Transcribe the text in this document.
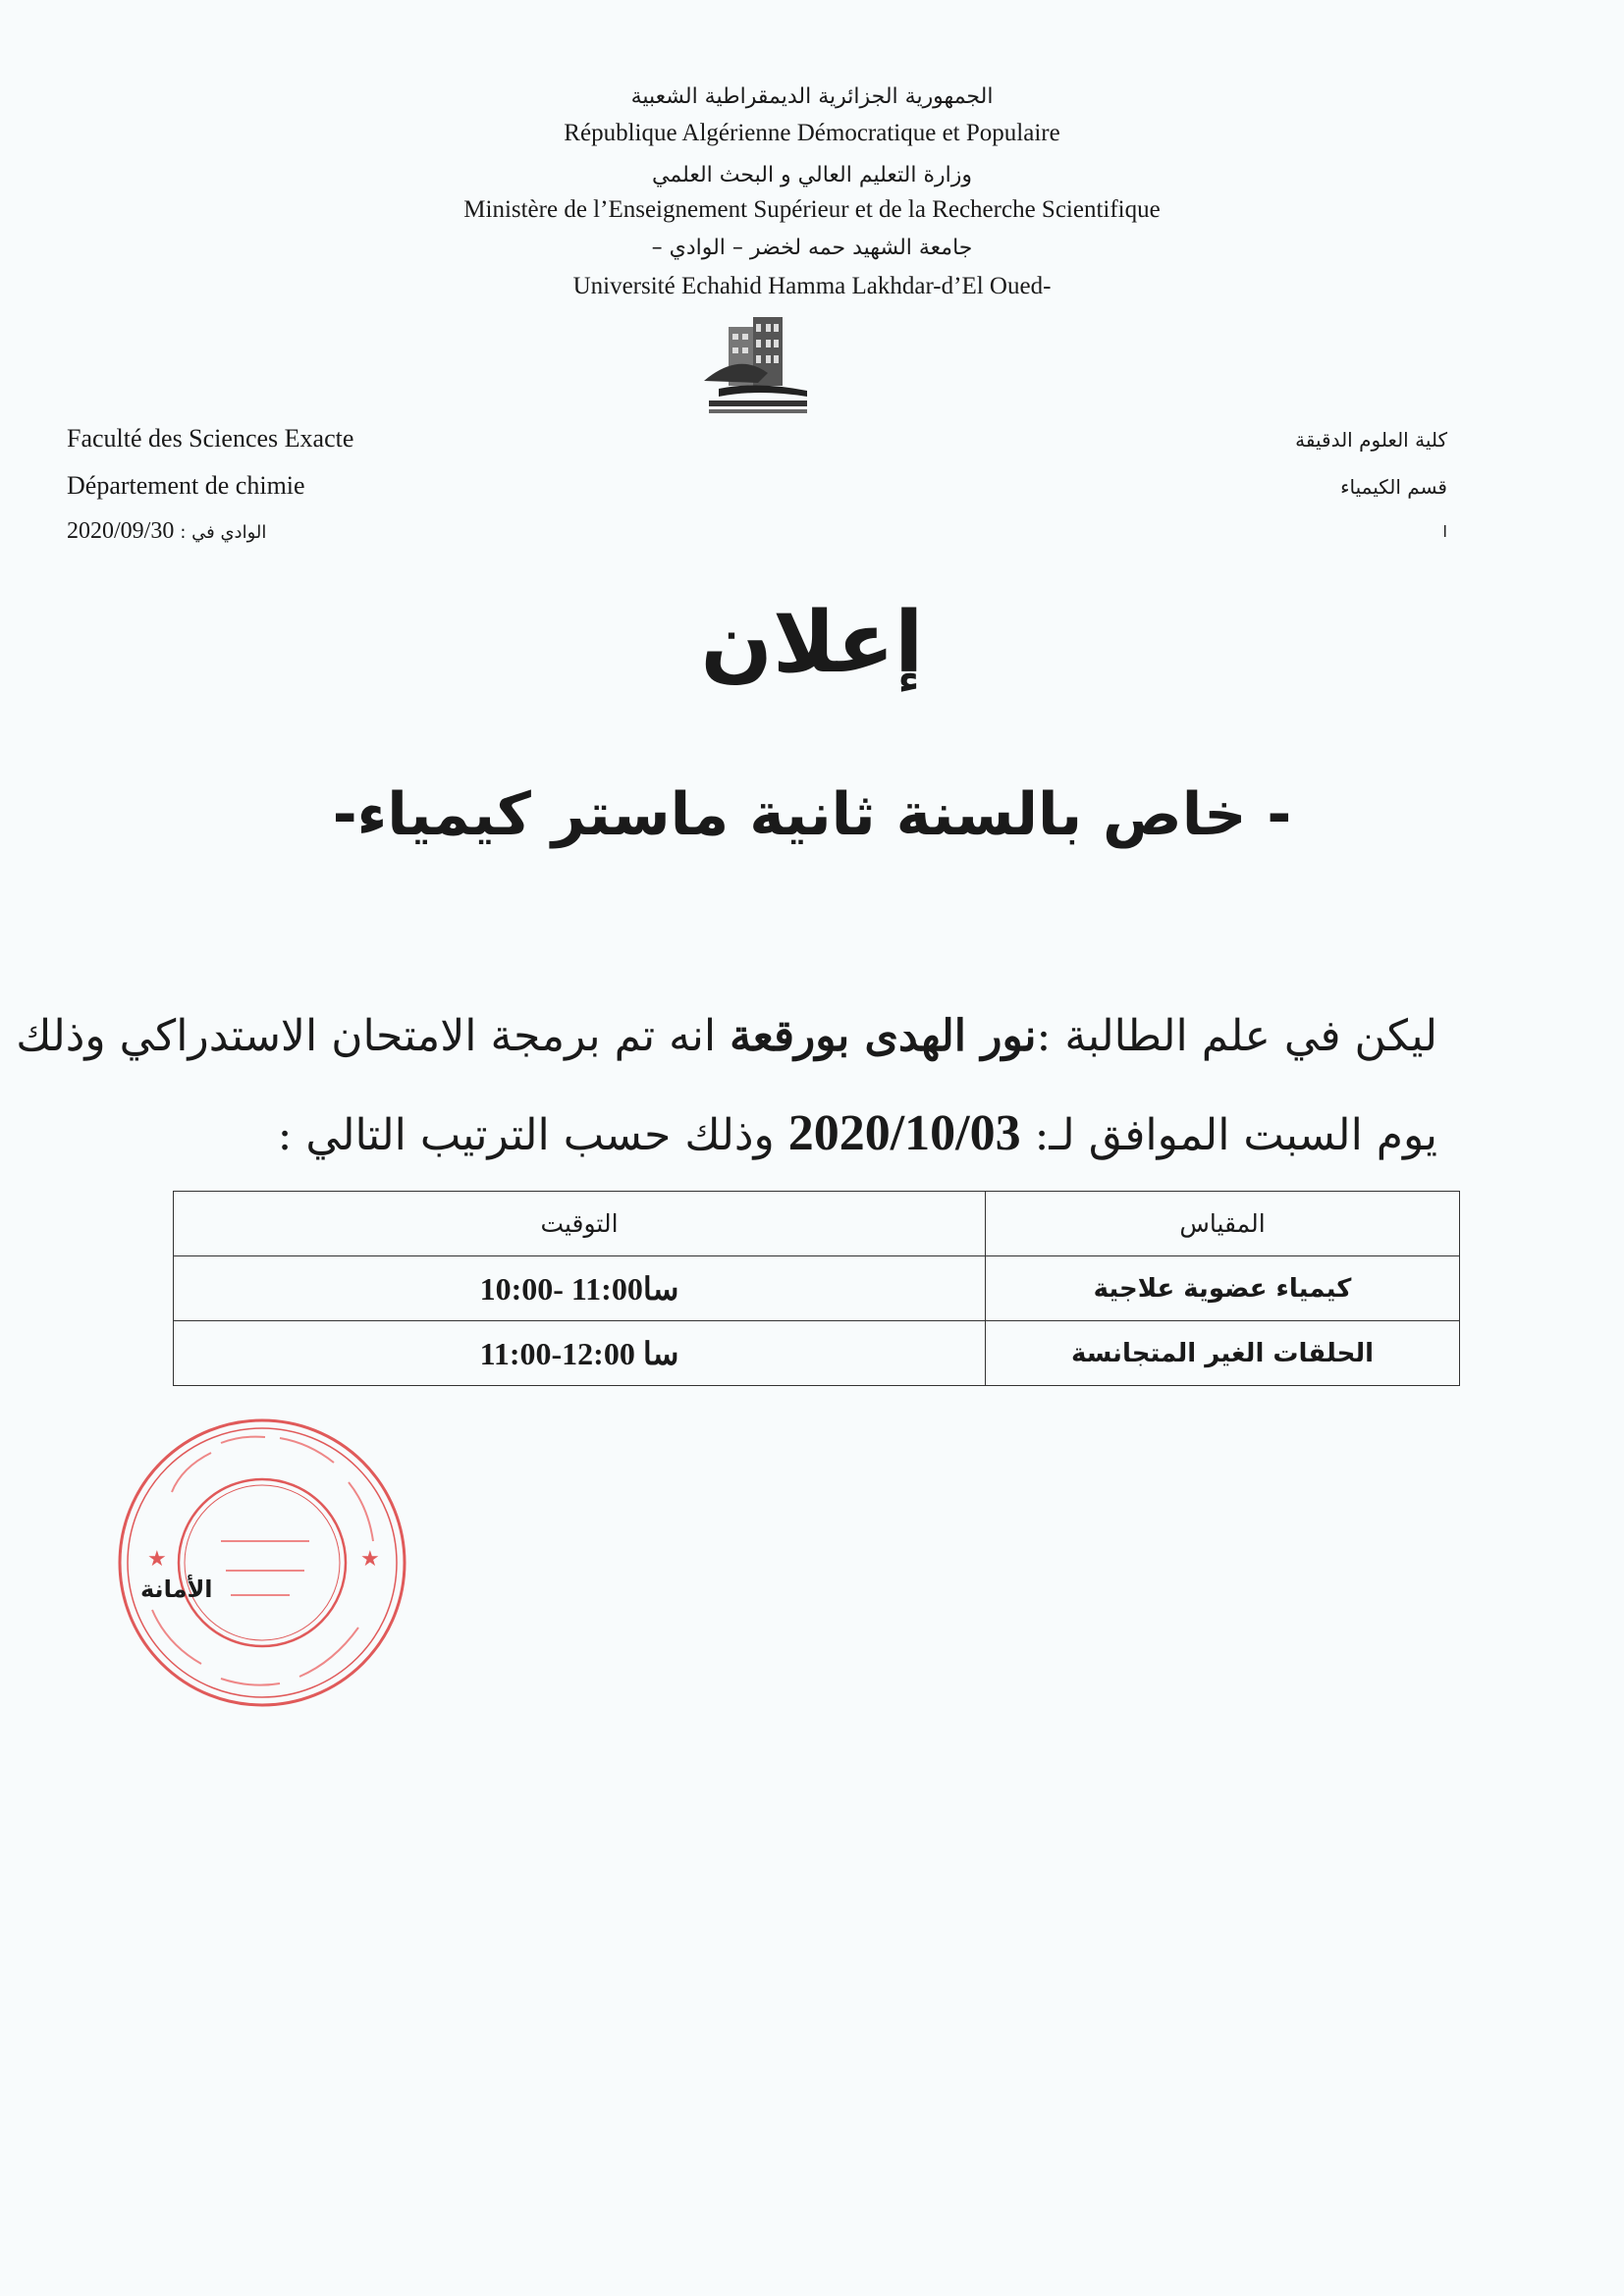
الجمهورية الجزائرية الديمقراطية الشعبية
République Algérienne Démocratique et Populaire
وزارة التعليم العالي و البحث العلمي
Ministère de l’Enseignement Supérieur et de la Recherche Scientifique
جامعة الشهيد حمه لخضر – الوادي –
Université Echahid Hamma Lakhdar-d’El Oued-
Faculté des Sciences Exacte
Département de chimie
2020/09/30 الوادي في :
كلية العلوم الدقيقة
قسم الكيمياء
ا
إعلان
- خاص بالسنة ثانية ماستر كيمياء-
ليكن في علم الطالبة :نور الهدى بورقعة انه تم برمجة الامتحان الاستدراكي وذلك
يوم السبت الموافق لـ: 2020/10/03 وذلك حسب الترتيب التالي :
المقياس	التوقيت
كيمياء عضوية علاجية	10:00- 11:00سا
الحلقات الغير المتجانسة	11:00-12:00 سا
★	★
الأمانة
